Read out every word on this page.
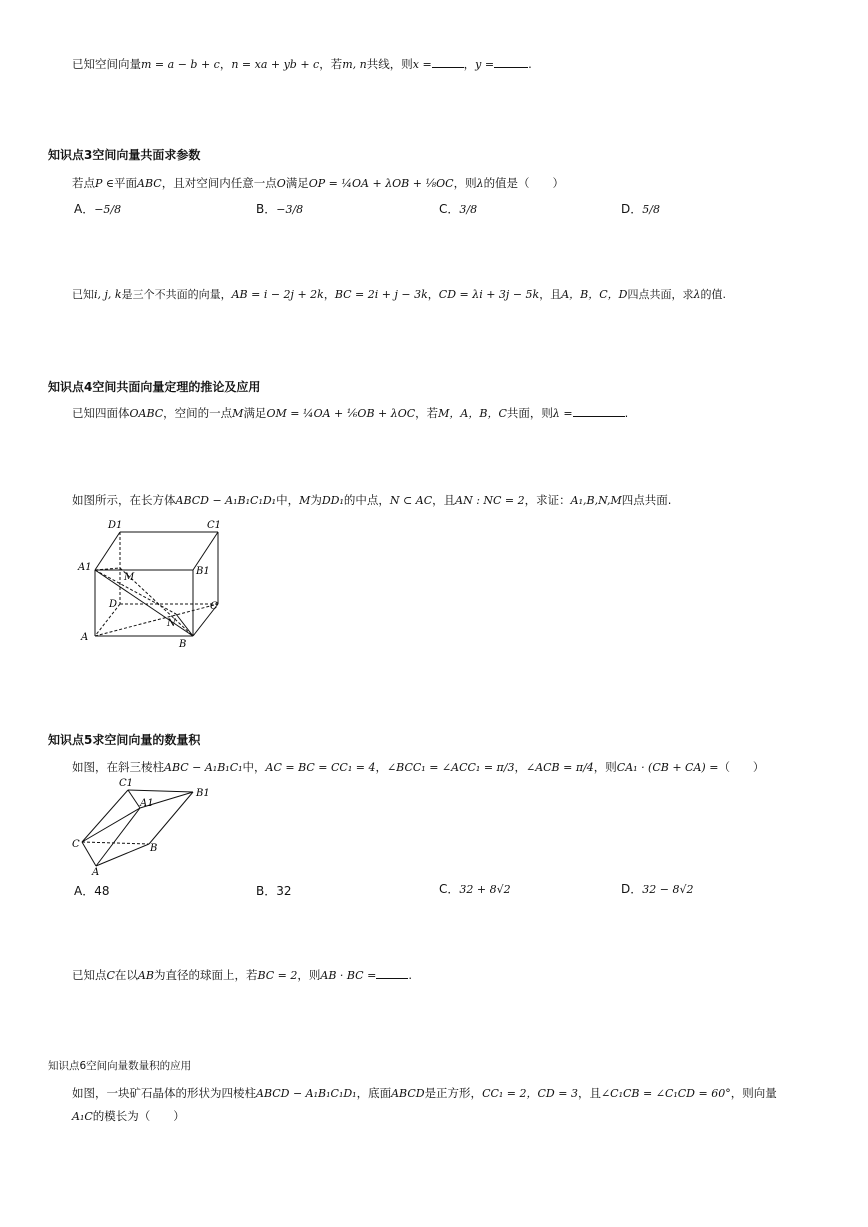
已知空间向量m = a − b + c，n = xa + yb + c，若m, n共线，则x =	，y =	.
知识点3空间向量共面求参数
若点P ∈平面ABC，且对空间内任意一点O满足OP = ¼OA + λOB + ⅛OC，则λ的值是（　　）
A．−5/8	B．−3/8	C．3/8	D．5/8
已知i, j, k是三个不共面的向量，AB = i − 2j + 2k，BC = 2i + j − 3k，CD = λi + 3j − 5k，且A，B，C，D四点共面，求λ的值.
知识点4空间共面向量定理的推论及应用
已知四面体OABC，空间的一点M满足OM = ¼OA + ⅙OB + λOC，若M，A，B，C共面，则λ =	.
如图所示，在长方体ABCD − A₁B₁C₁D₁中，M为DD₁的中点，N ⊂ AC，且AN : NC = 2，求证：A₁,B,N,M四点共面.
D1	C1
A1	B1
M
D	C
N
A
B
知识点5求空间向量的数量积
如图，在斜三棱柱ABC − A₁B₁C₁中，AC = BC = CC₁ = 4，∠BCC₁ = ∠ACC₁ = π/3，∠ACB = π/4，则CA₁ · (CB + CA) =（　　）
C1
A1
B1
C	B
A
A．48	B．32	C．32 + 8√2	D．32 − 8√2
已知点C在以AB为直径的球面上，若BC = 2，则AB · BC =	.
知识点6空间向量数量积的应用
如图，一块矿石晶体的形状为四棱柱ABCD − A₁B₁C₁D₁，底面ABCD是正方形，CC₁ = 2，CD = 3，且∠C₁CB = ∠C₁CD = 60°，则向量
A₁C的模长为（　　）
